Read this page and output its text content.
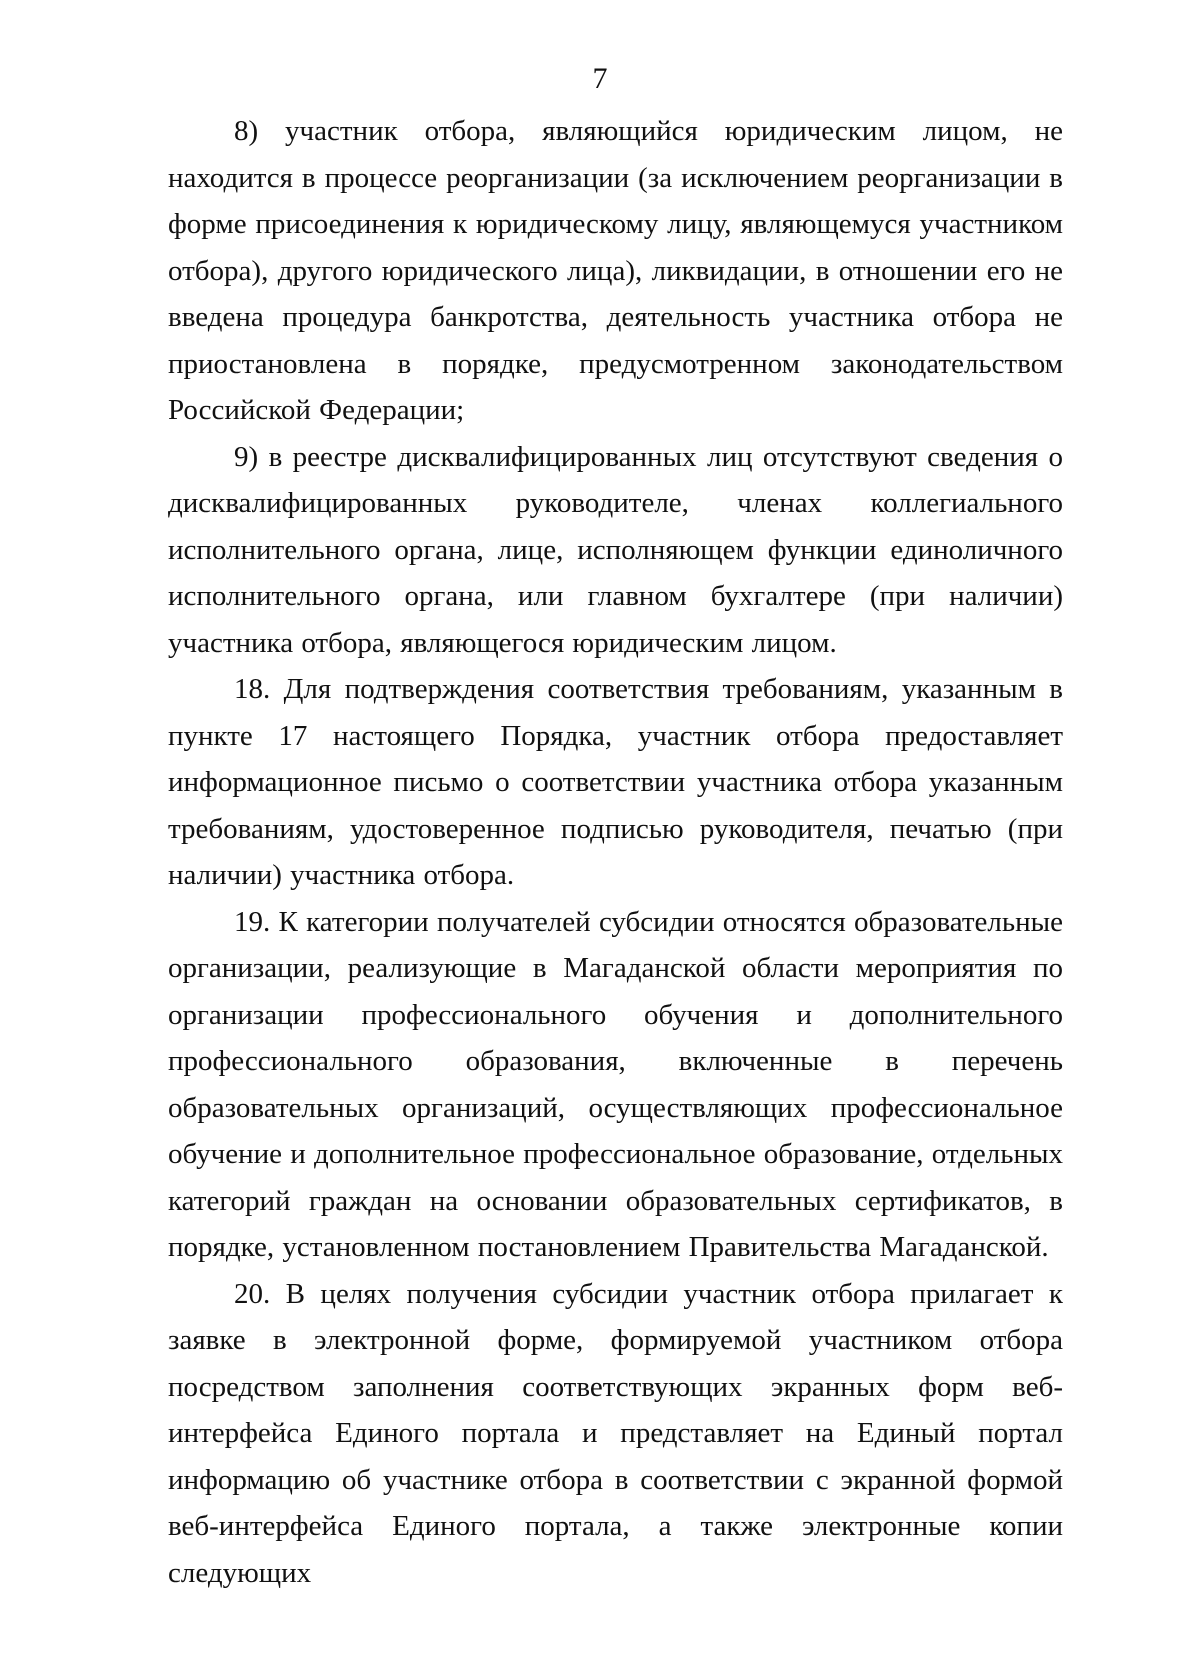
7

8) участник отбора, являющийся юридическим лицом, не находится в процессе реорганизации (за исключением реорганизации в форме присоединения к юридическому лицу, являющемуся участником отбора), другого юридического лица), ликвидации, в отношении его не введена процедура банкротства, деятельность участника отбора не приостановлена в порядке, предусмотренном законодательством Российской Федерации;

9) в реестре дисквалифицированных лиц отсутствуют сведения о дисквалифицированных руководителе, членах коллегиального исполнительного органа, лице, исполняющем функции единоличного исполнительного органа, или главном бухгалтере (при наличии) участника отбора, являющегося юридическим лицом.

18. Для подтверждения соответствия требованиям, указанным в пункте 17 настоящего Порядка, участник отбора предоставляет информационное письмо о соответствии участника отбора указанным требованиям, удостоверенное подписью руководителя, печатью (при наличии) участника отбора.

19. К категории получателей субсидии относятся образовательные организации, реализующие в Магаданской области мероприятия по организации профессионального обучения и дополнительного профессионального образования, включенные в перечень образовательных организаций, осуществляющих профессиональное обучение и дополнительное профессиональное образование, отдельных категорий граждан на основании образовательных сертификатов, в порядке, установленном постановлением Правительства Магаданской.

20. В целях получения субсидии участник отбора прилагает к заявке в электронной форме, формируемой участником отбора посредством заполнения соответствующих экранных форм веб-интерфейса Единого портала и представляет на Единый портал информацию об участнике отбора в соответствии с экранной формой веб-интерфейса Единого портала, а также электронные копии следующих
